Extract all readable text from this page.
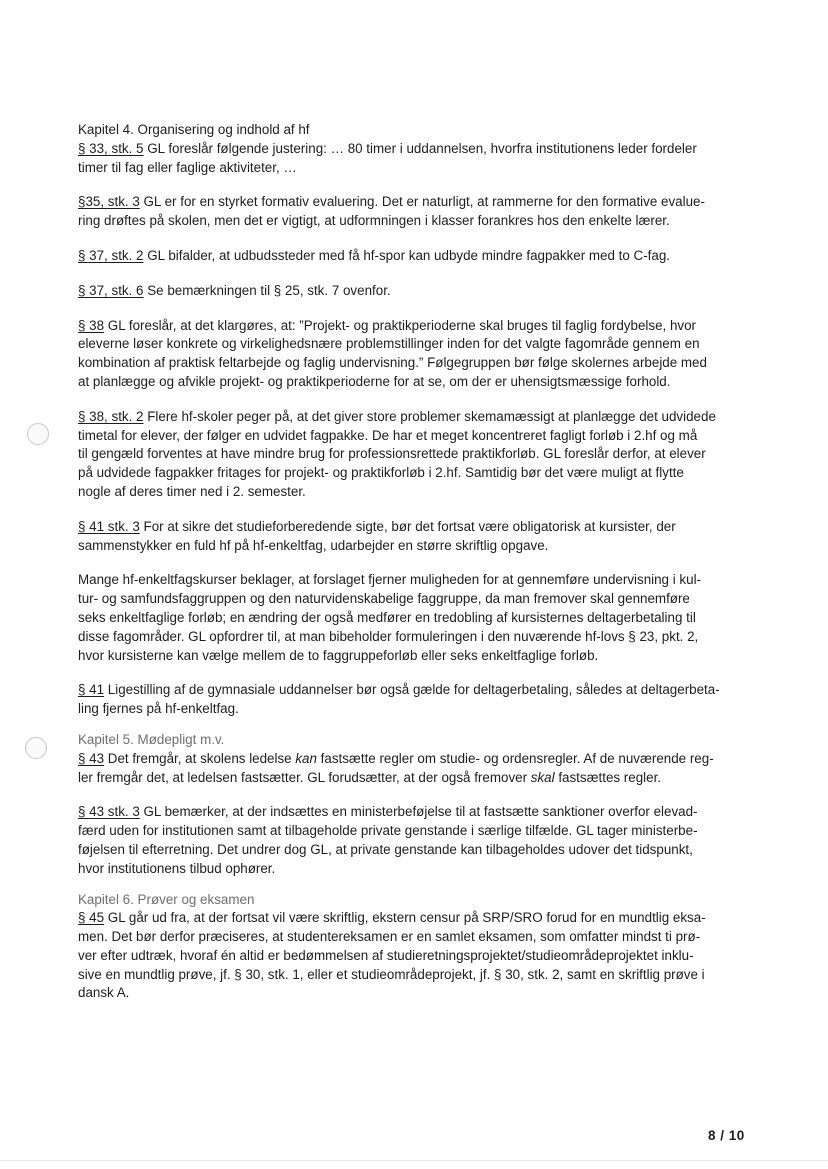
Kapitel 4. Organisering og indhold af hf

§ 33, stk. 5 GL foreslår følgende justering: … 80 timer i uddannelsen, hvorfra institutionens leder fordeler
timer til fag eller faglige aktiviteter, …

§35, stk. 3 GL er for en styrket formativ evaluering. Det er naturligt, at rammerne for den formative evalue-
ring drøftes på skolen, men det er vigtigt, at udformningen i klasser forankres hos den enkelte lærer.

§ 37, stk. 2 GL bifalder, at udbudssteder med få hf-spor kan udbyde mindre fagpakker med to C-fag.

§ 37, stk. 6 Se bemærkningen til § 25, stk. 7 ovenfor.

§ 38 GL foreslår, at det klargøres, at: ”Projekt- og praktikperioderne skal bruges til faglig fordybelse, hvor
eleverne løser konkrete og virkelighedsnære problemstillinger inden for det valgte fagområde gennem en
kombination af praktisk feltarbejde og faglig undervisning.” Følgegruppen bør følge skolernes arbejde med
at planlægge og afvikle projekt- og praktikperioderne for at se, om der er uhensigtsmæssige forhold.

§ 38, stk. 2 Flere hf-skoler peger på, at det giver store problemer skemamæssigt at planlægge det udvidede
timetal for elever, der følger en udvidet fagpakke. De har et meget koncentreret fagligt forløb i 2.hf og må
til gengæld forventes at have mindre brug for professionsrettede praktikforløb. GL foreslår derfor, at elever
på udvidede fagpakker fritages for projekt- og praktikforløb i 2.hf. Samtidig bør det være muligt at flytte
nogle af deres timer ned i 2. semester.

§ 41 stk. 3 For at sikre det studieforberedende sigte, bør det fortsat være obligatorisk at kursister, der
sammenstykker en fuld hf på hf-enkeltfag, udarbejder en større skriftlig opgave.

Mange hf-enkeltfagskurser beklager, at forslaget fjerner muligheden for at gennemføre undervisning i kul-
tur- og samfundsfaggruppen og den naturvidenskabelige faggruppe, da man fremover skal gennemføre
seks enkeltfaglige forløb; en ændring der også medfører en tredobling af kursisternes deltagerbetaling til
disse fagområder. GL opfordrer til, at man bibeholder formuleringen i den nuværende hf-lovs § 23, pkt. 2,
hvor kursisterne kan vælge mellem de to faggruppeforløb eller seks enkeltfaglige forløb.

§ 41 Ligestilling af de gymnasiale uddannelser bør også gælde for deltagerbetaling, således at deltagerbeta-
ling fjernes på hf-enkeltfag.

Kapitel 5. Mødepligt m.v.

§ 43 Det fremgår, at skolens ledelse kan fastsætte regler om studie- og ordensregler. Af de nuværende reg-
ler fremgår det, at ledelsen fastsætter. GL forudsætter, at der også fremover skal fastsættes regler.

§ 43 stk. 3 GL bemærker, at der indsættes en ministerbeføjelse til at fastsætte sanktioner overfor elevad-
færd uden for institutionen samt at tilbageholde private genstande i særlige tilfælde. GL tager ministerbe-
føjelsen til efterretning. Det undrer dog GL, at private genstande kan tilbageholdes udover det tidspunkt,
hvor institutionens tilbud ophører.

Kapitel 6. Prøver og eksamen

§ 45 GL går ud fra, at der fortsat vil være skriftlig, ekstern censur på SRP/SRO forud for en mundtlig eksa-
men. Det bør derfor præciseres, at studentereksamen er en samlet eksamen, som omfatter mindst ti prø-
ver efter udtræk, hvoraf én altid er bedømmelsen af studieretningsprojektet/studieområdeprojektet inklu-
sive en mundtlig prøve, jf. § 30, stk. 1, eller et studieområdeprojekt, jf. § 30, stk. 2, samt en skriftlig prøve i
dansk A.

8 / 10
